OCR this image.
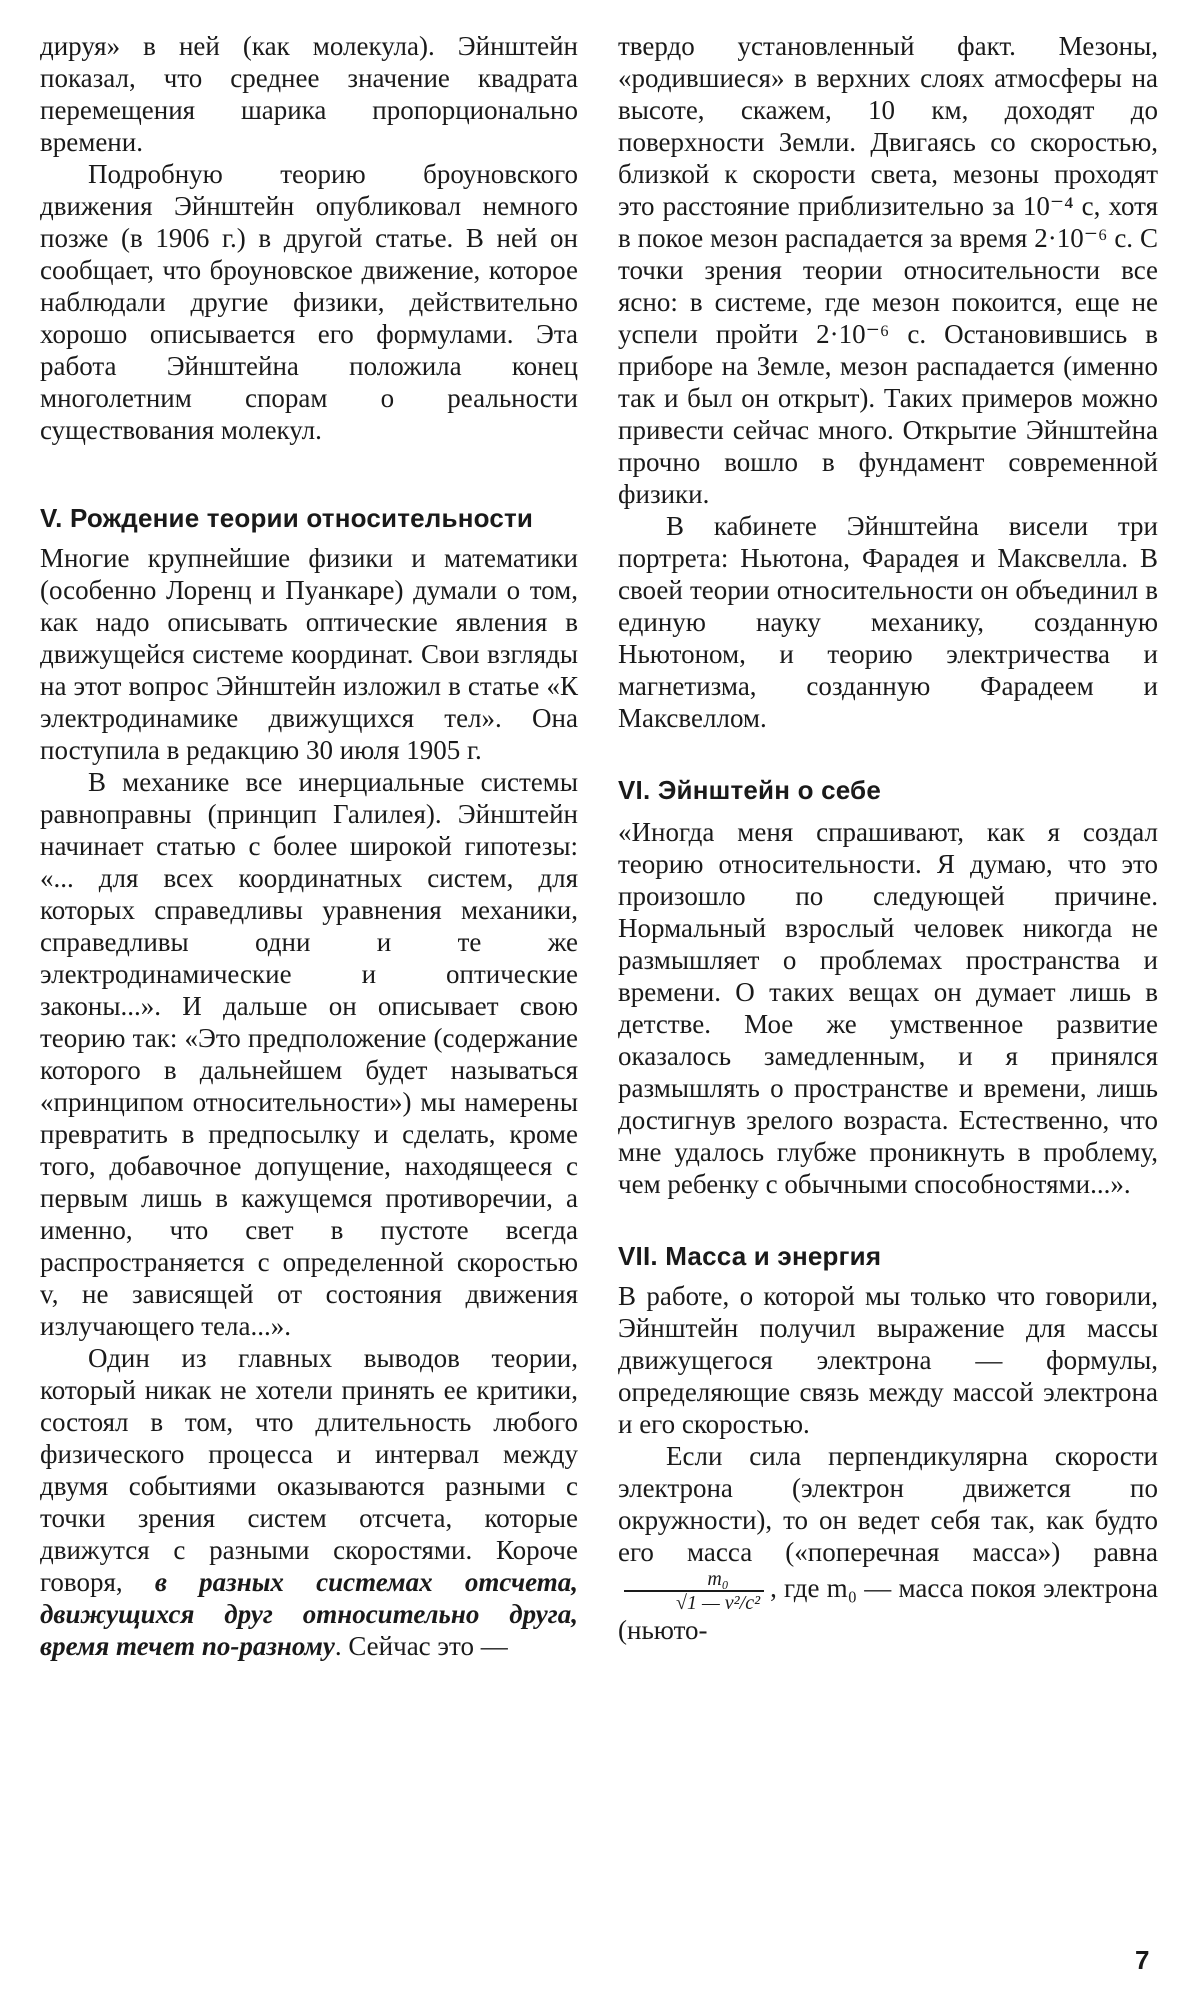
дируя» в ней (как молекула). Эйнштейн показал, что среднее значение квадрата перемещения шарика пропорционально времени.

Подробную теорию броуновского движения Эйнштейн опубликовал немного позже (в 1906 г.) в другой статье. В ней он сообщает, что броуновское движение, которое наблюдали другие физики, действительно хорошо описывается его формулами. Эта работа Эйнштейна положила конец многолетним спорам о реальности существования молекул.

V. Рождение теории относительности

Многие крупнейшие физики и математики (особенно Лоренц и Пуанкаре) думали о том, как надо описывать оптические явления в движущейся системе координат. Свои взгляды на этот вопрос Эйнштейн изложил в статье «К электродинамике движущихся тел». Она поступила в редакцию 30 июля 1905 г.

В механике все инерциальные системы равноправны (принцип Галилея). Эйнштейн начинает статью с более широкой гипотезы: «... для всех координатных систем, для которых справедливы уравнения механики, справедливы одни и те же электродинамические и оптические законы...». И дальше он описывает свою теорию так: «Это предположение (содержание которого в дальнейшем будет называться «принципом относительности») мы намерены превратить в предпосылку и сделать, кроме того, добавочное допущение, находящееся с первым лишь в кажущемся противоречии, а именно, что свет в пустоте всегда распространяется с определенной скоростью v, не зависящей от состояния движения излучающего тела...».

Один из главных выводов теории, который никак не хотели принять ее критики, состоял в том, что длительность любого физического процесса и интервал между двумя событиями оказываются разными с точки зрения систем отсчета, которые движутся с разными скоростями. Короче говоря, в разных системах отсчета, движущихся друг относительно друга, время течет по-разному. Сейчас это —

твердо установленный факт. Мезоны, «родившиеся» в верхних слоях атмосферы на высоте, скажем, 10 км, доходят до поверхности Земли. Двигаясь со скоростью, близкой к скорости света, мезоны проходят это расстояние приблизительно за 10⁻⁴ с, хотя в покое мезон распадается за время 2·10⁻⁶ с. С точки зрения теории относительности все ясно: в системе, где мезон покоится, еще не успели пройти 2·10⁻⁶ с. Остановившись в приборе на Земле, мезон распадается (именно так и был он открыт). Таких примеров можно привести сейчас много. Открытие Эйнштейна прочно вошло в фундамент современной физики.

В кабинете Эйнштейна висели три портрета: Ньютона, Фарадея и Максвелла. В своей теории относительности он объединил в единую науку механику, созданную Ньютоном, и теорию электричества и магнетизма, созданную Фарадеем и Максвеллом.

VI. Эйнштейн о себе

«Иногда меня спрашивают, как я создал теорию относительности. Я думаю, что это произошло по следующей причине. Нормальный взрослый человек никогда не размышляет о проблемах пространства и времени. О таких вещах он думает лишь в детстве. Мое же умственное развитие оказалось замедленным, и я принялся размышлять о пространстве и времени, лишь достигнув зрелого возраста. Естественно, что мне удалось глубже проникнуть в проблему, чем ребенку с обычными способностями...».

VII. Масса и энергия

В работе, о которой мы только что говорили, Эйнштейн получил выражение для массы движущегося электрона — формулы, определяющие связь между массой электрона и его скоростью.

Если сила перпендикулярна скорости электрона (электрон движется по окружности), то он ведет себя так, как будто его масса («поперечная масса») равна
$\frac{\text{m₀}}{\text{√1 — v²/c²}}$ , где m₀ — масса покоя электрона (ньюто-

7
